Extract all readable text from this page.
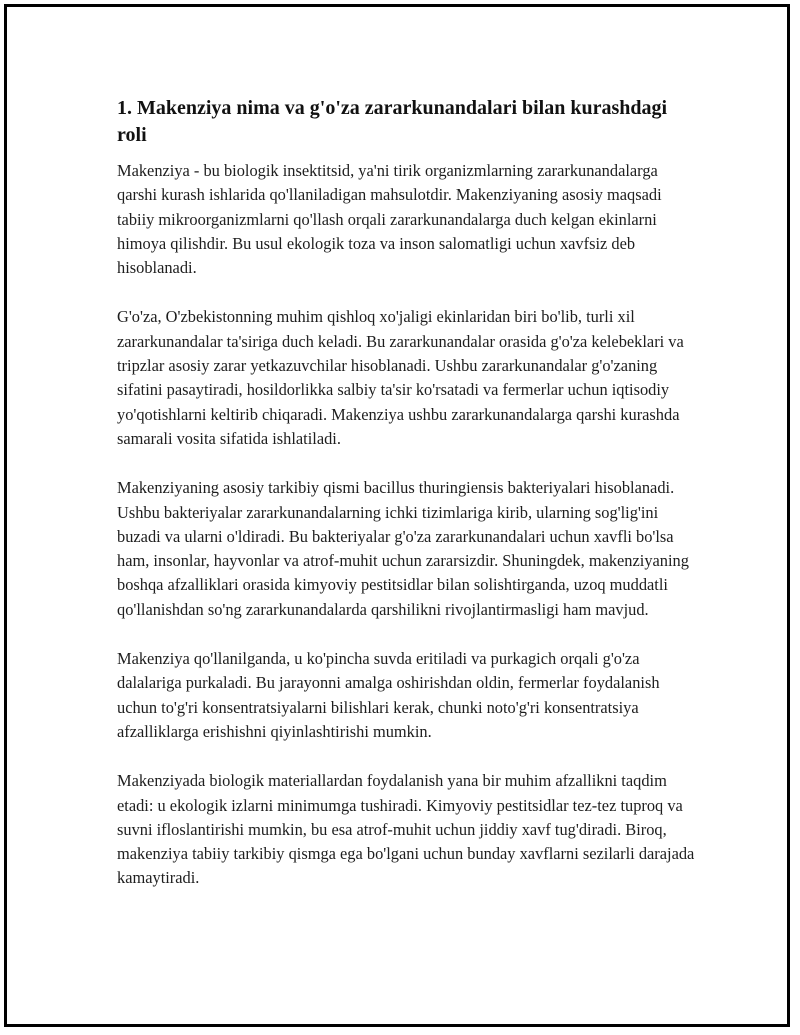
1. Makenziya nima va g'o'za zararkunandalari bilan kurashdagi roli

Makenziya - bu biologik insektitsid, ya'ni tirik organizmlarning zararkunandalarga qarshi kurash ishlarida qo'llaniladigan mahsulotdir. Makenziyaning asosiy maqsadi tabiiy mikroorganizmlarni qo'llash orqali zararkunandalarga duch kelgan ekinlarni himoya qilishdir. Bu usul ekologik toza va inson salomatligi uchun xavfsiz deb hisoblanadi.

G'o'za, O'zbekistonning muhim qishloq xo'jaligi ekinlaridan biri bo'lib, turli xil zararkunandalar ta'siriga duch keladi. Bu zararkunandalar orasida g'o'za kelebeklari va tripzlar asosiy zarar yetkazuvchilar hisoblanadi. Ushbu zararkunandalar g'o'zaning sifatini pasaytiradi, hosildorlikka salbiy ta'sir ko'rsatadi va fermerlar uchun iqtisodiy yo'qotishlarni keltirib chiqaradi. Makenziya ushbu zararkunandalarga qarshi kurashda samarali vosita sifatida ishlatiladi.

Makenziyaning asosiy tarkibiy qismi bacillus thuringiensis bakteriyalari hisoblanadi. Ushbu bakteriyalar zararkunandalarning ichki tizimlariga kirib, ularning sog'lig'ini buzadi va ularni o'ldiradi. Bu bakteriyalar g'o'za zararkunandalari uchun xavfli bo'lsa ham, insonlar, hayvonlar va atrof-muhit uchun zararsizdir. Shuningdek, makenziyaning boshqa afzalliklari orasida kimyoviy pestitsidlar bilan solishtirganda, uzoq muddatli qo'llanishdan so'ng zararkunandalarda qarshilikni rivojlantirmasligi ham mavjud.

Makenziya qo'llanilganda, u ko'pincha suvda eritiladi va purkagich orqali g'o'za dalalariga purkaladi. Bu jarayonni amalga oshirishdan oldin, fermerlar foydalanish uchun to'g'ri konsentratsiyalarni bilishlari kerak, chunki noto'g'ri konsentratsiya afzalliklarga erishishni qiyinlashtirishi mumkin.

Makenziyada biologik materiallardan foydalanish yana bir muhim afzallikni taqdim etadi: u ekologik izlarni minimumga tushiradi. Kimyoviy pestitsidlar tez-tez tuproq va suvni ifloslantirishi mumkin, bu esa atrof-muhit uchun jiddiy xavf tug'diradi. Biroq, makenziya tabiiy tarkibiy qismga ega bo'lgani uchun bunday xavflarni sezilarli darajada kamaytiradi.
